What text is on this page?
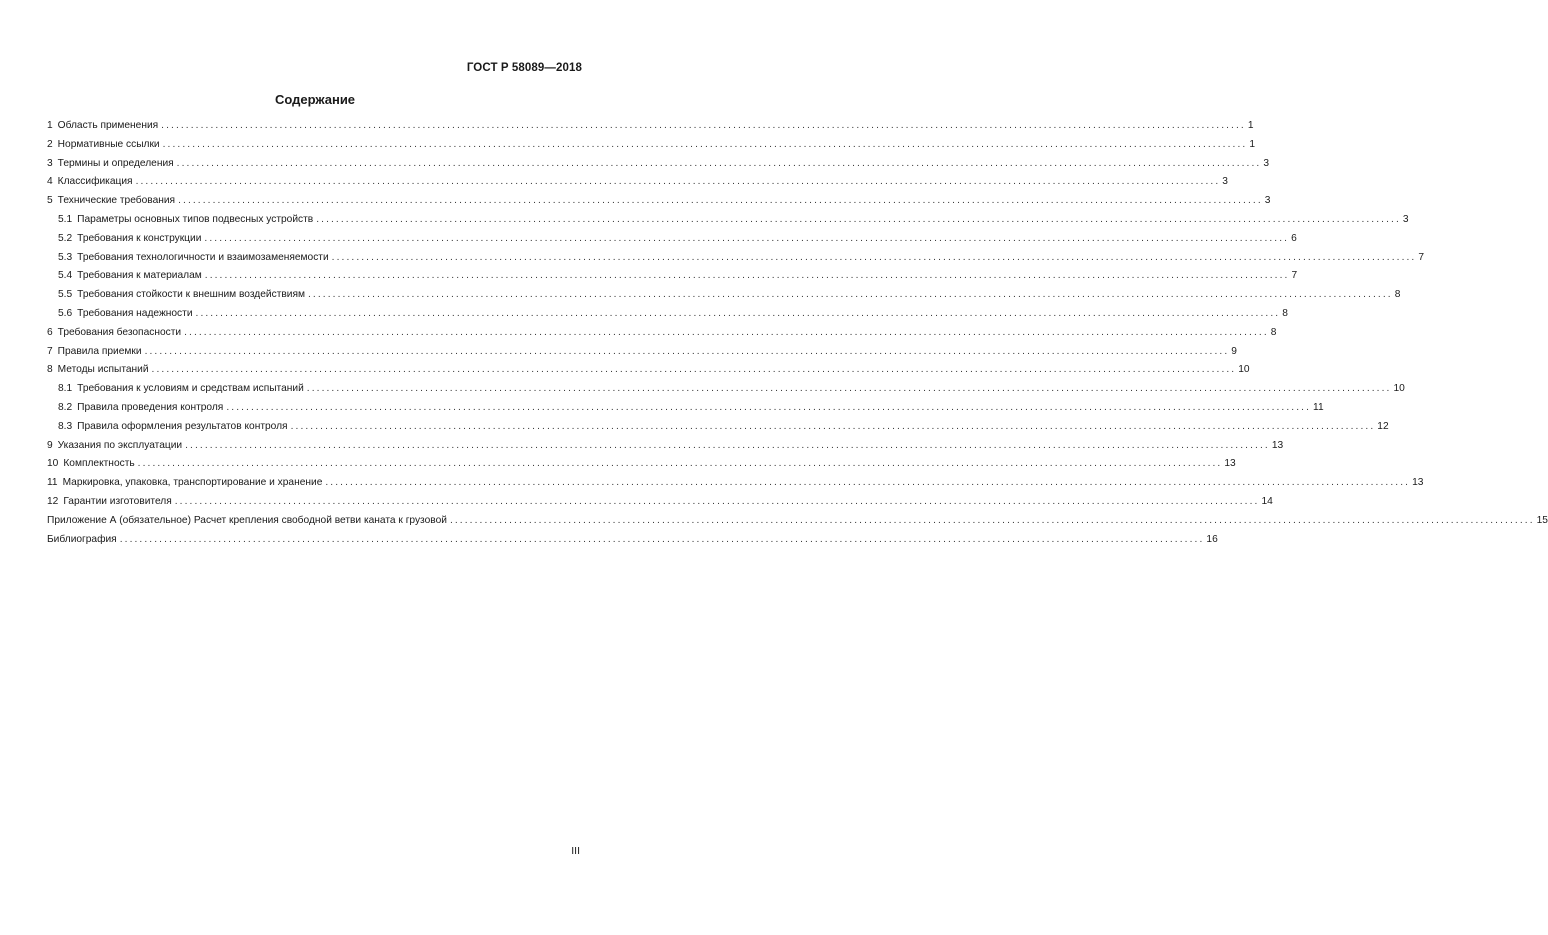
ГОСТ Р 58089—2018
Содержание
1 Область применения ............................................................................................................................................................................................................................ 1
2 Нормативные ссылки ............................................................................................................................................................................................................................ 1
3 Термины и определения ............................................................................................................................................................................................................................ 3
4 Классификация ............................................................................................................................................................................................................................ 3
5 Технические требования ............................................................................................................................................................................................................................ 3
5.1 Параметры основных типов подвесных устройств ............................................................................................................................................................................................................................ 3
5.2 Требования к конструкции ............................................................................................................................................................................................................................ 6
5.3 Требования технологичности и взаимозаменяемости ............................................................................................................................................................................................................................ 7
5.4 Требования к материалам ............................................................................................................................................................................................................................ 7
5.5 Требования стойкости к внешним воздействиям ............................................................................................................................................................................................................................ 8
5.6 Требования надежности ............................................................................................................................................................................................................................ 8
6 Требования безопасности ............................................................................................................................................................................................................................ 8
7 Правила приемки ............................................................................................................................................................................................................................ 9
8 Методы испытаний ............................................................................................................................................................................................................................ 10
8.1 Требования к условиям и средствам испытаний ............................................................................................................................................................................................................................ 10
8.2 Правила проведения контроля ............................................................................................................................................................................................................................ 11
8.3 Правила оформления результатов контроля ............................................................................................................................................................................................................................ 12
9 Указания по эксплуатации ............................................................................................................................................................................................................................ 13
10 Комплектность ............................................................................................................................................................................................................................ 13
11 Маркировка, упаковка, транспортирование и хранение ............................................................................................................................................................................................................................ 13
12 Гарантии изготовителя ............................................................................................................................................................................................................................ 14
Приложение А (обязательное) Расчет крепления свободной ветви каната к грузовой ............................................................................................................................................................................................................................ 15
Библиография ............................................................................................................................................................................................................................ 16
III
